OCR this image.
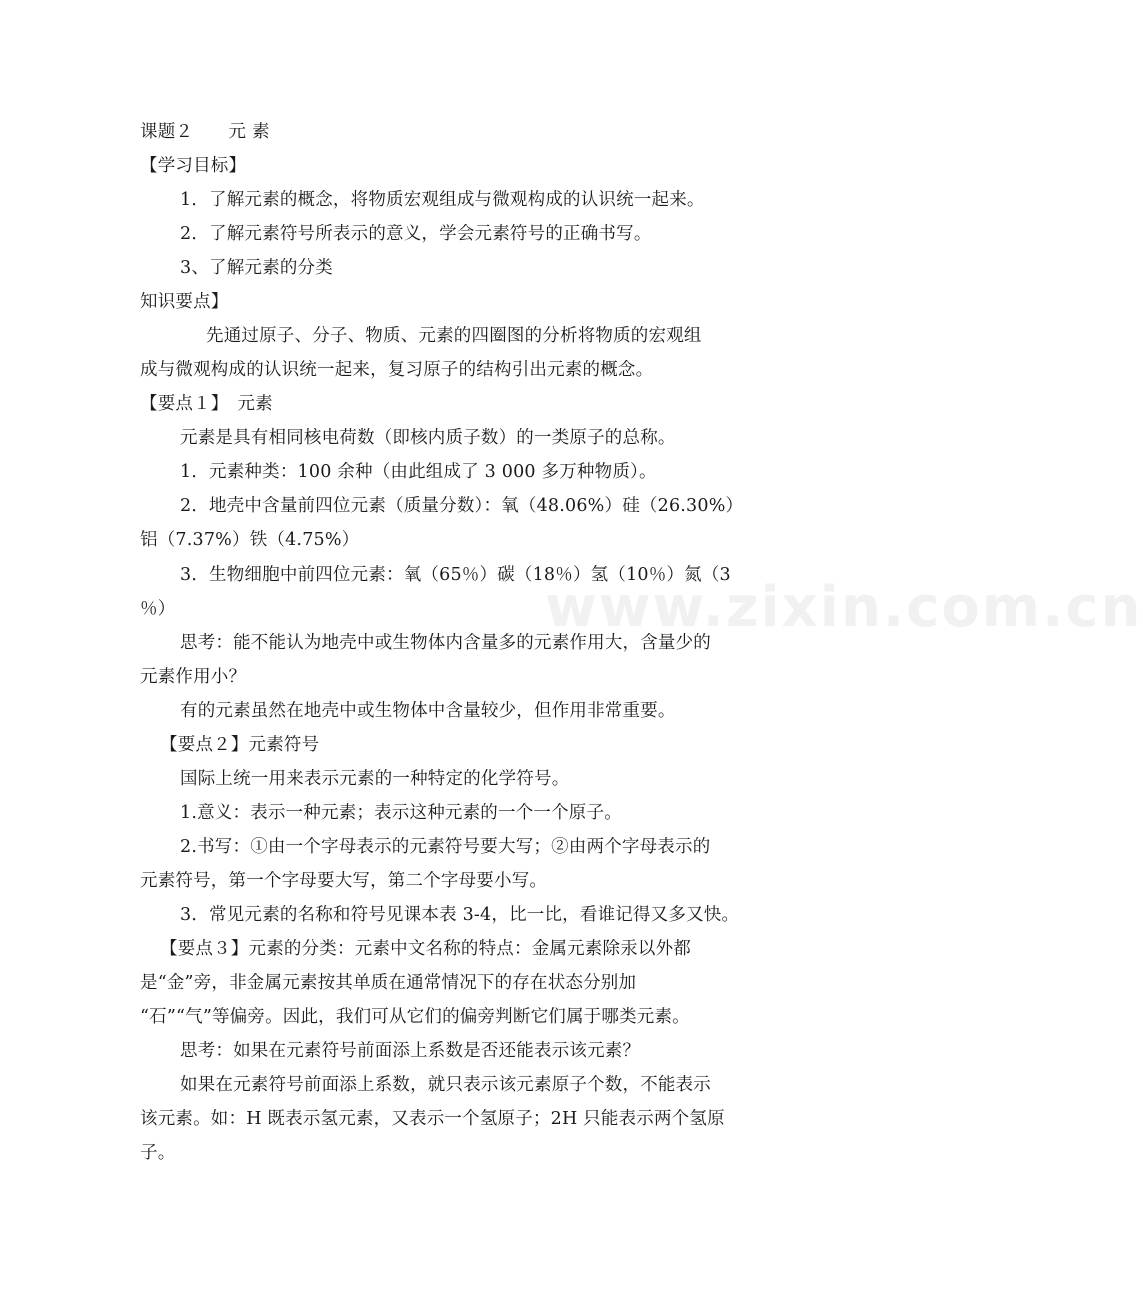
www.zixin.com.cn
课题２　　元 素
【学习目标】
1．了解元素的概念，将物质宏观组成与微观构成的认识统一起来。
2．了解元素符号所表示的意义，学会元素符号的正确书写。
3、了解元素的分类
知识要点】
先通过原子、分子、物质、元素的四圈图的分析将物质的宏观组
成与微观构成的认识统一起来，复习原子的结构引出元素的概念。
【要点１】　元素
元素是具有相同核电荷数（即核内质子数）的一类原子的总称。
1．元素种类：100 余种（由此组成了 3 000 多万种物质）。
2．地壳中含量前四位元素（质量分数）：氧（48.06%）硅（26.30%）
铝（7.37%）铁（4.75%）
3．生物细胞中前四位元素：氧（65％）碳（18％）氢（10％）氮（3
％）
思考：能不能认为地壳中或生物体内含量多的元素作用大，含量少的
元素作用小？
有的元素虽然在地壳中或生物体中含量较少，但作用非常重要。
【要点２】元素符号
国际上统一用来表示元素的一种特定的化学符号。
1.意义：表示一种元素；表示这种元素的一个一个原子。
2.书写：①由一个字母表示的元素符号要大写；②由两个字母表示的
元素符号，第一个字母要大写，第二个字母要小写。
3．常见元素的名称和符号见课本表 3-4，比一比，看谁记得又多又快。
【要点３】元素的分类：元素中文名称的特点：金属元素除汞以外都
是“金”旁，非金属元素按其单质在通常情况下的存在状态分别加
“石”“气”等偏旁。因此，我们可从它们的偏旁判断它们属于哪类元素。
思考：如果在元素符号前面添上系数是否还能表示该元素？
如果在元素符号前面添上系数，就只表示该元素原子个数，不能表示
该元素。如：H 既表示氢元素，又表示一个氢原子；2H 只能表示两个氢原
子。
